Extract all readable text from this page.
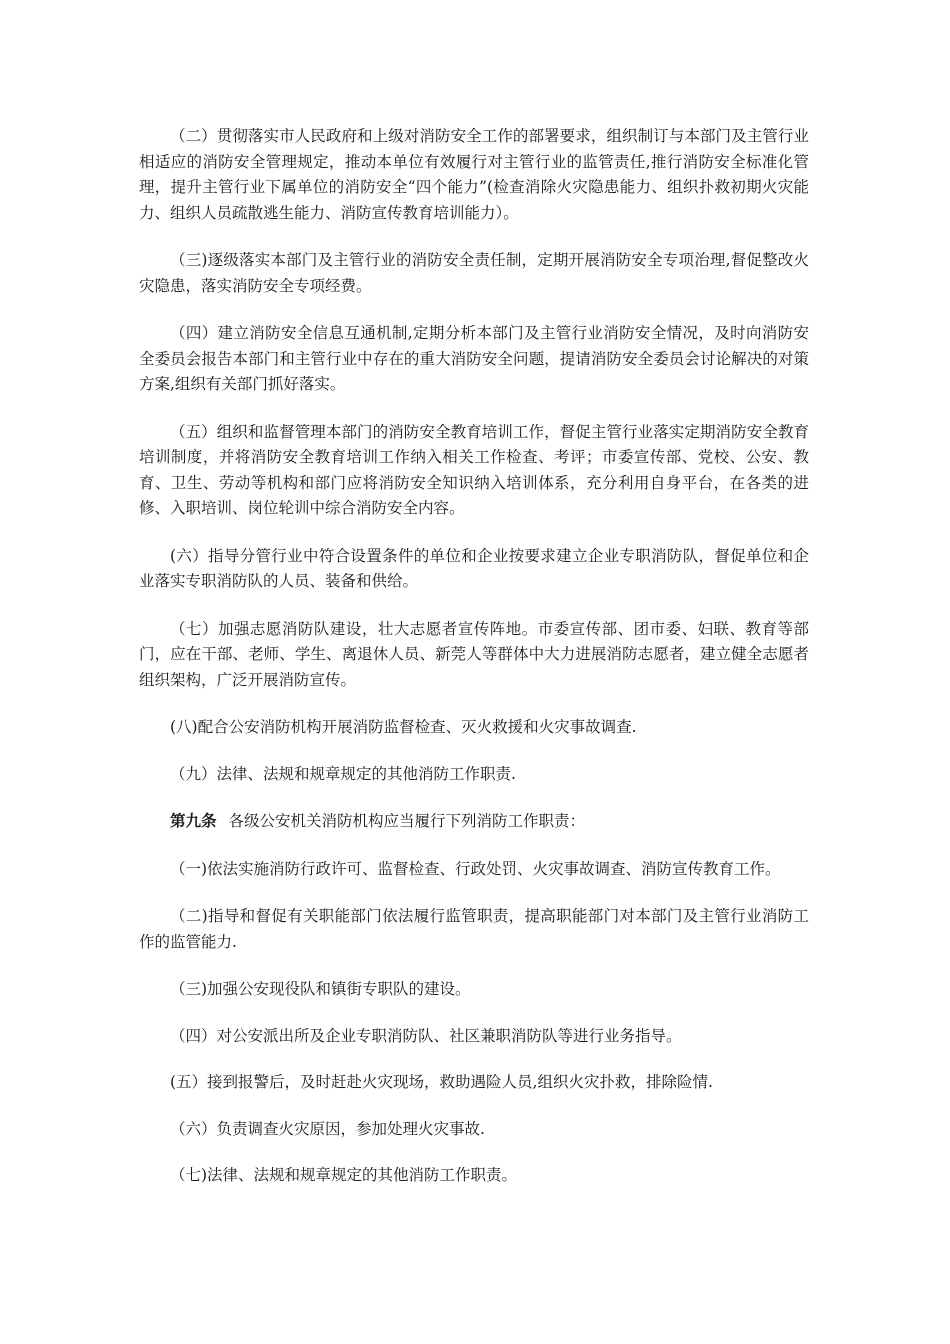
（二）贯彻落实市人民政府和上级对消防安全工作的部署要求，组织制订与本部门及主管行业相适应的消防安全管理规定，推动本单位有效履行对主管行业的监管责任,推行消防安全标准化管理，提升主管行业下属单位的消防安全“四个能力”(检查消除火灾隐患能力、组织扑救初期火灾能力、组织人员疏散逃生能力、消防宣传教育培训能力）。

（三)逐级落实本部门及主管行业的消防安全责任制，定期开展消防安全专项治理,督促整改火灾隐患，落实消防安全专项经费。

（四）建立消防安全信息互通机制,定期分析本部门及主管行业消防安全情况，及时向消防安全委员会报告本部门和主管行业中存在的重大消防安全问题，提请消防安全委员会讨论解决的对策方案,组织有关部门抓好落实。

（五）组织和监督管理本部门的消防安全教育培训工作，督促主管行业落实定期消防安全教育培训制度，并将消防安全教育培训工作纳入相关工作检查、考评；市委宣传部、党校、公安、教育、卫生、劳动等机构和部门应将消防安全知识纳入培训体系，充分利用自身平台，在各类的进修、入职培训、岗位轮训中综合消防安全内容。

(六）指导分管行业中符合设置条件的单位和企业按要求建立企业专职消防队，督促单位和企业落实专职消防队的人员、装备和供给。

（七）加强志愿消防队建设，壮大志愿者宣传阵地。市委宣传部、团市委、妇联、教育等部门，应在干部、老师、学生、离退休人员、新莞人等群体中大力进展消防志愿者，建立健全志愿者组织架构，广泛开展消防宣传。

(八)配合公安消防机构开展消防监督检查、灭火救援和火灾事故调查.

（九）法律、法规和规章规定的其他消防工作职责.

第九条 各级公安机关消防机构应当履行下列消防工作职责：

（一)依法实施消防行政许可、监督检查、行政处罚、火灾事故调查、消防宣传教育工作。

（二)指导和督促有关职能部门依法履行监管职责，提高职能部门对本部门及主管行业消防工作的监管能力.

（三)加强公安现役队和镇街专职队的建设。

（四）对公安派出所及企业专职消防队、社区兼职消防队等进行业务指导。

(五）接到报警后，及时赶赴火灾现场，救助遇险人员,组织火灾扑救，排除险情.

（六）负责调查火灾原因，参加处理火灾事故.

（七)法律、法规和规章规定的其他消防工作职责。
